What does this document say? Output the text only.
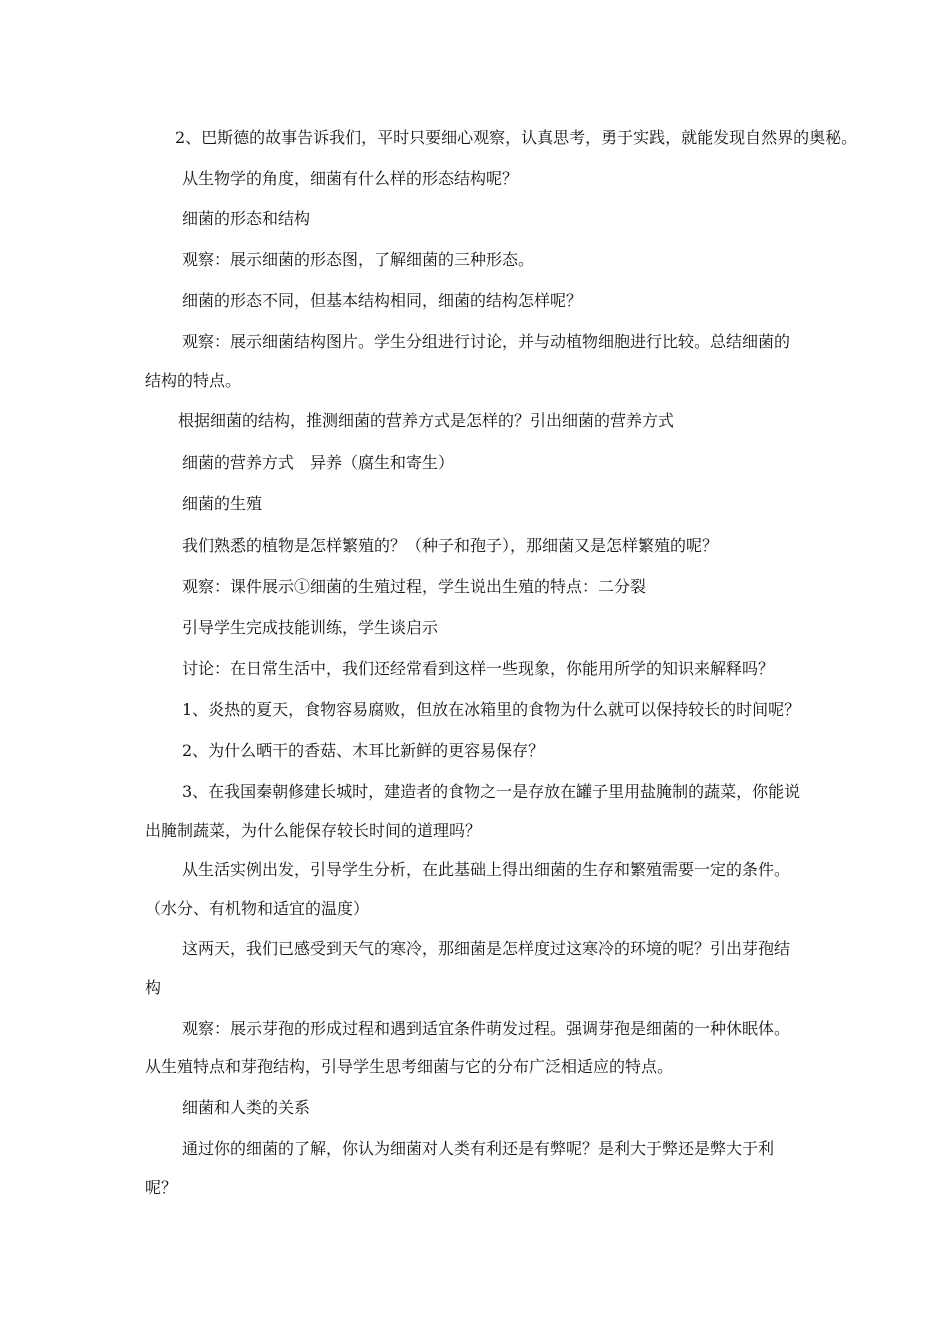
2、巴斯德的故事告诉我们，平时只要细心观察，认真思考，勇于实践，就能发现自然界的奥秘。
从生物学的角度，细菌有什么样的形态结构呢？
细菌的形态和结构
观察：展示细菌的形态图，了解细菌的三种形态。
细菌的形态不同，但基本结构相同，细菌的结构怎样呢？
观察：展示细菌结构图片。学生分组进行讨论，并与动植物细胞进行比较。总结细菌的
结构的特点。
根据细菌的结构，推测细菌的营养方式是怎样的？引出细菌的营养方式
细菌的营养方式　异养（腐生和寄生）
细菌的生殖
我们熟悉的植物是怎样繁殖的？（种子和孢子），那细菌又是怎样繁殖的呢？
观察：课件展示①细菌的生殖过程，学生说出生殖的特点：二分裂
引导学生完成技能训练，学生谈启示
讨论：在日常生活中，我们还经常看到这样一些现象，你能用所学的知识来解释吗？
1、炎热的夏天，食物容易腐败，但放在冰箱里的食物为什么就可以保持较长的时间呢？
2、为什么晒干的香菇、木耳比新鲜的更容易保存？
3、在我国秦朝修建长城时，建造者的食物之一是存放在罐子里用盐腌制的蔬菜，你能说
出腌制蔬菜，为什么能保存较长时间的道理吗？
从生活实例出发，引导学生分析，在此基础上得出细菌的生存和繁殖需要一定的条件。
（水分、有机物和适宜的温度）
这两天，我们已感受到天气的寒冷，那细菌是怎样度过这寒冷的环境的呢？引出芽孢结
构
观察：展示芽孢的形成过程和遇到适宜条件萌发过程。强调芽孢是细菌的一种休眠体。
从生殖特点和芽孢结构，引导学生思考细菌与它的分布广泛相适应的特点。
细菌和人类的关系
通过你的细菌的了解，你认为细菌对人类有利还是有弊呢？是利大于弊还是弊大于利
呢？
